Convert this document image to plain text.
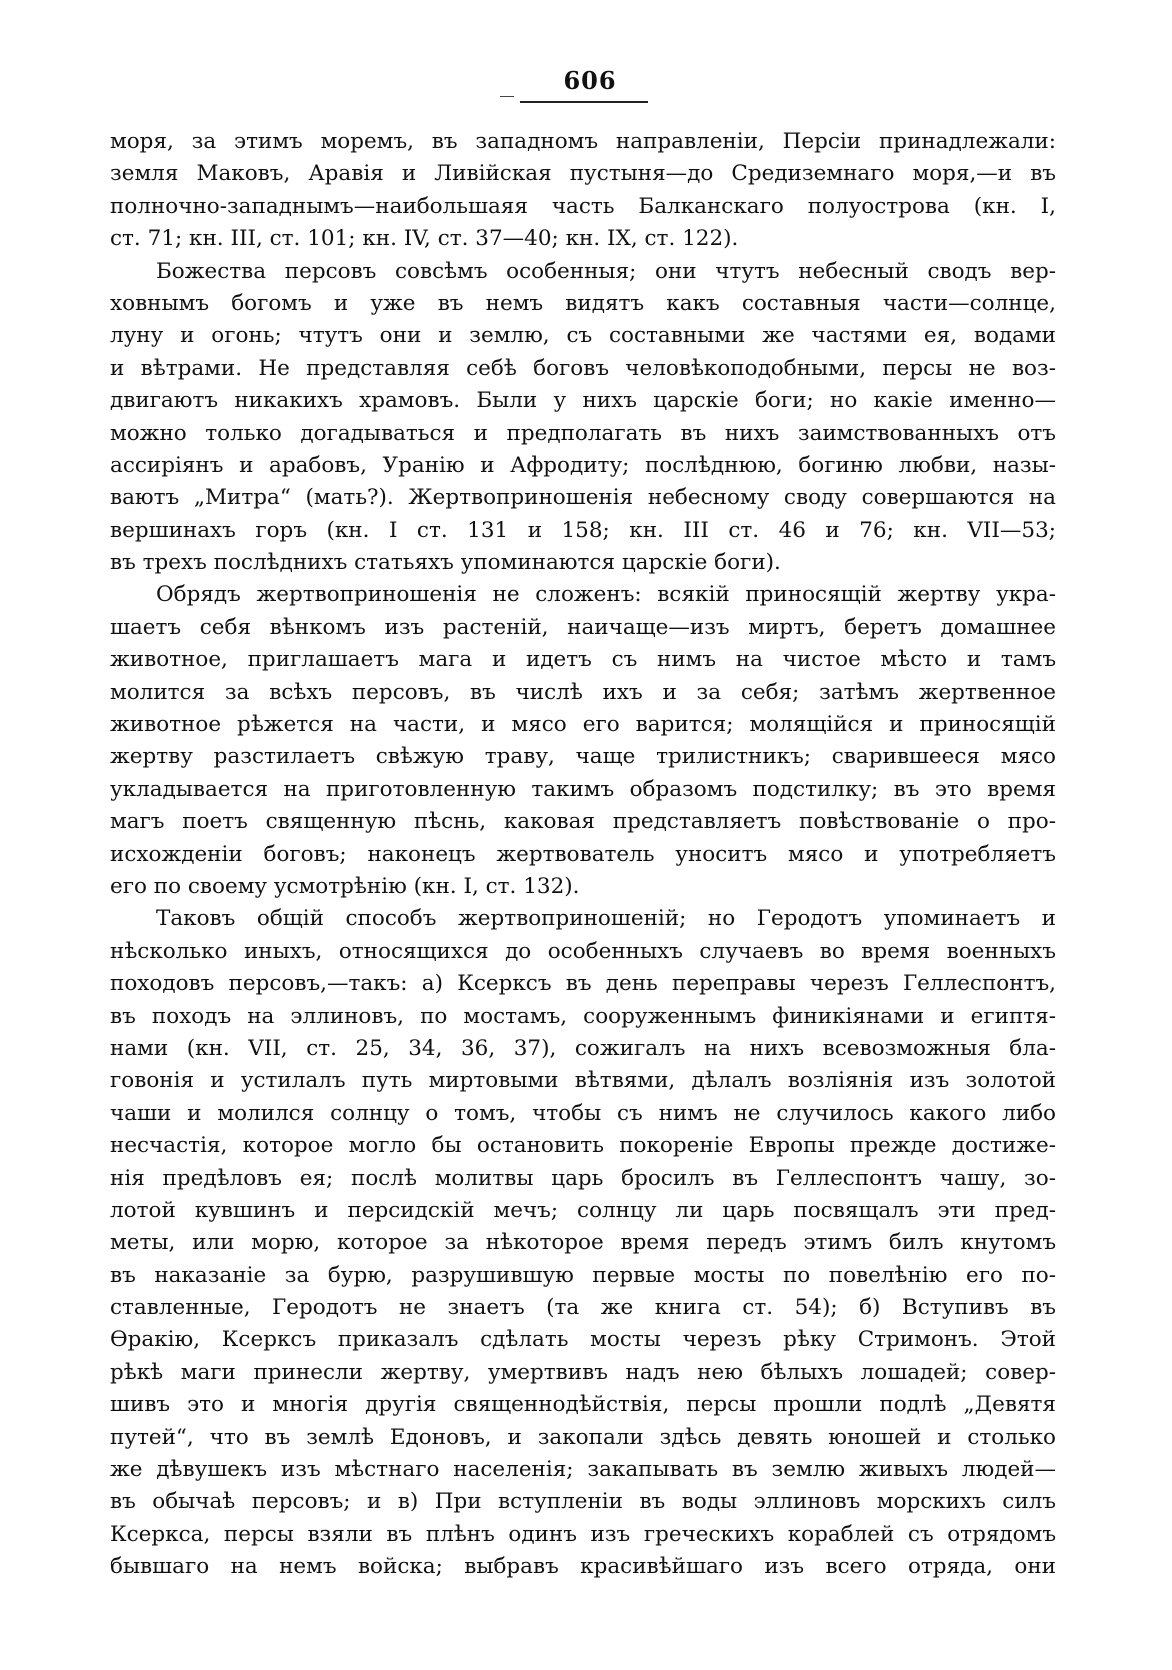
606
моря, за этимъ моремъ, въ западномъ направленіи, Персіи принадлежали:
земля Маковъ, Аравія и Ливійская пустыня—до Средиземнаго моря,—и въ
полночно-западнымъ—наибольшаяя часть Балканскаго полуострова (кн. I,
ст. 71; кн. III, ст. 101; кн. IV, ст. 37—40; кн. IX, ст. 122).
Божества персовъ совсѣмъ особенныя; они чтутъ небесный сводъ вер-
ховнымъ богомъ и уже въ немъ видятъ какъ составныя части—солнце,
луну и огонь; чтутъ они и землю, съ составными же частями ея, водами
и вѣтрами. Не представляя себѣ боговъ человѣкоподобными, персы не воз-
двигаютъ никакихъ храмовъ. Были у нихъ царскіе боги; но какіе именно—
можно только догадываться и предполагать въ нихъ заимствованныхъ отъ
ассиріянъ и арабовъ, Уранію и Афродиту; послѣднюю, богиню любви, назы-
ваютъ „Митра“ (мать?). Жертвоприношенія небесному своду совершаются на
вершинахъ горъ (кн. I ст. 131 и 158; кн. III ст. 46 и 76; кн. VII—53;
въ трехъ послѣднихъ статьяхъ упоминаются царскіе боги).
Обрядъ жертвоприношенія не сложенъ: всякій приносящій жертву укра-
шаетъ себя вѣнкомъ изъ растеній, наичаще—изъ миртъ, беретъ домашнее
животное, приглашаетъ мага и идетъ съ нимъ на чистое мѣсто и тамъ
молится за всѣхъ персовъ, въ числѣ ихъ и за себя; затѣмъ жертвенное
животное рѣжется на части, и мясо его варится; молящійся и приносящій
жертву разстилаетъ свѣжую траву, чаще трилистникъ; сварившееся мясо
укладывается на приготовленную такимъ образомъ подстилку; въ это время
магъ поетъ священную пѣснь, каковая представляетъ повѣствованіе о про-
исхожденіи боговъ; наконецъ жертвователь уноситъ мясо и употребляетъ
его по своему усмотрѣнію (кн. I, ст. 132).
Таковъ общій способъ жертвоприношеній; но Геродотъ упоминаетъ и
нѣсколько иныхъ, относящихся до особенныхъ случаевъ во время военныхъ
походовъ персовъ,—такъ: а) Ксерксъ въ день переправы черезъ Геллеспонтъ,
въ походъ на эллиновъ, по мостамъ, сооруженнымъ финикіянами и египтя-
нами (кн. VII, ст. 25, 34, 36, 37), сожигалъ на нихъ всевозможныя бла-
говонія и устилалъ путь миртовыми вѣтвями, дѣлалъ возліянія изъ золотой
чаши и молился солнцу о томъ, чтобы съ нимъ не случилось какого либо
несчастія, которое могло бы остановить покореніе Европы прежде достиже-
нія предѣловъ ея; послѣ молитвы царь бросилъ въ Геллеспонтъ чашу, зо-
лотой кувшинъ и персидскій мечъ; солнцу ли царь посвящалъ эти пред-
меты, или морю, которое за нѣкоторое время передъ этимъ билъ кнутомъ
въ наказаніе за бурю, разрушившую первые мосты по повелѣнію его по-
ставленные, Геродотъ не знаетъ (та же книга ст. 54); б) Вступивъ въ
Ѳракію, Ксерксъ приказалъ сдѣлать мосты черезъ рѣку Стримонъ. Этой
рѣкѣ маги принесли жертву, умертвивъ надъ нею бѣлыхъ лошадей; совер-
шивъ это и многія другія священнодѣйствія, персы прошли подлѣ „Девятя
путей“, что въ землѣ Едоновъ, и закопали здѣсь девять юношей и столько
же дѣвушекъ изъ мѣстнаго населенія; закапывать въ землю живыхъ людей—
въ обычаѣ персовъ; и в) При вступленіи въ воды эллиновъ морскихъ силъ
Ксеркса, персы взяли въ плѣнъ одинъ изъ греческихъ кораблей съ отрядомъ
бывшаго на немъ войска; выбравъ красивѣйшаго изъ всего отряда, они
